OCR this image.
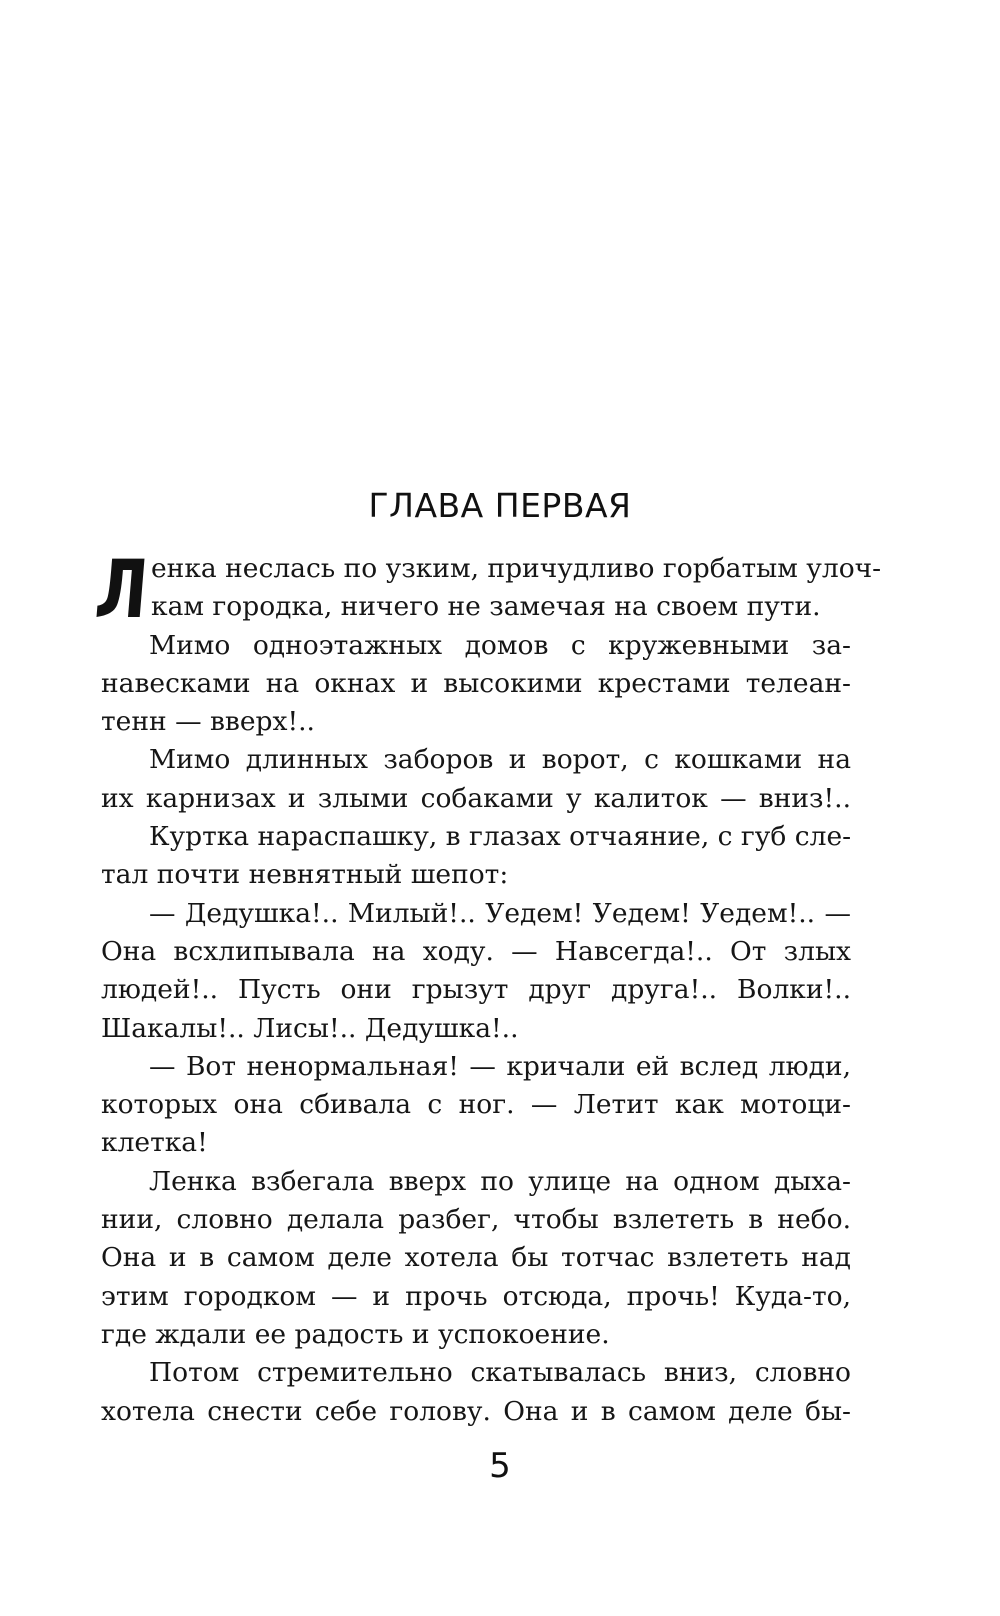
ГЛАВА ПЕРВАЯ
Л енка неслась по узким, причудливо горбатым улоч-
кам городка, ничего не замечая на своем пути.
Мимо одноэтажных домов с кружевными за-
навесками на окнах и высокими крестами телеан-
тенн — вверх!..
Мимо длинных заборов и ворот, с кошками на
их карнизах и злыми собаками у калиток — вниз!..
Куртка нараспашку, в глазах отчаяние, с губ сле-
тал почти невнятный шепот:
— Дедушка!.. Милый!.. Уедем! Уедем! Уедем!.. —
Она всхлипывала на ходу. — Навсегда!.. От злых
людей!.. Пусть они грызут друг друга!.. Волки!..
Шакалы!.. Лисы!.. Дедушка!..
— Вот ненормальная! — кричали ей вслед люди,
которых она сбивала с ног. — Летит как мотоци-
клетка!
Ленка взбегала вверх по улице на одном дыха-
нии, словно делала разбег, чтобы взлететь в небо.
Она и в самом деле хотела бы тотчас взлететь над
этим городком — и прочь отсюда, прочь! Куда-то,
где ждали ее радость и успокоение.
Потом стремительно скатывалась вниз, словно
хотела снести себе голову. Она и в самом деле бы-
5
